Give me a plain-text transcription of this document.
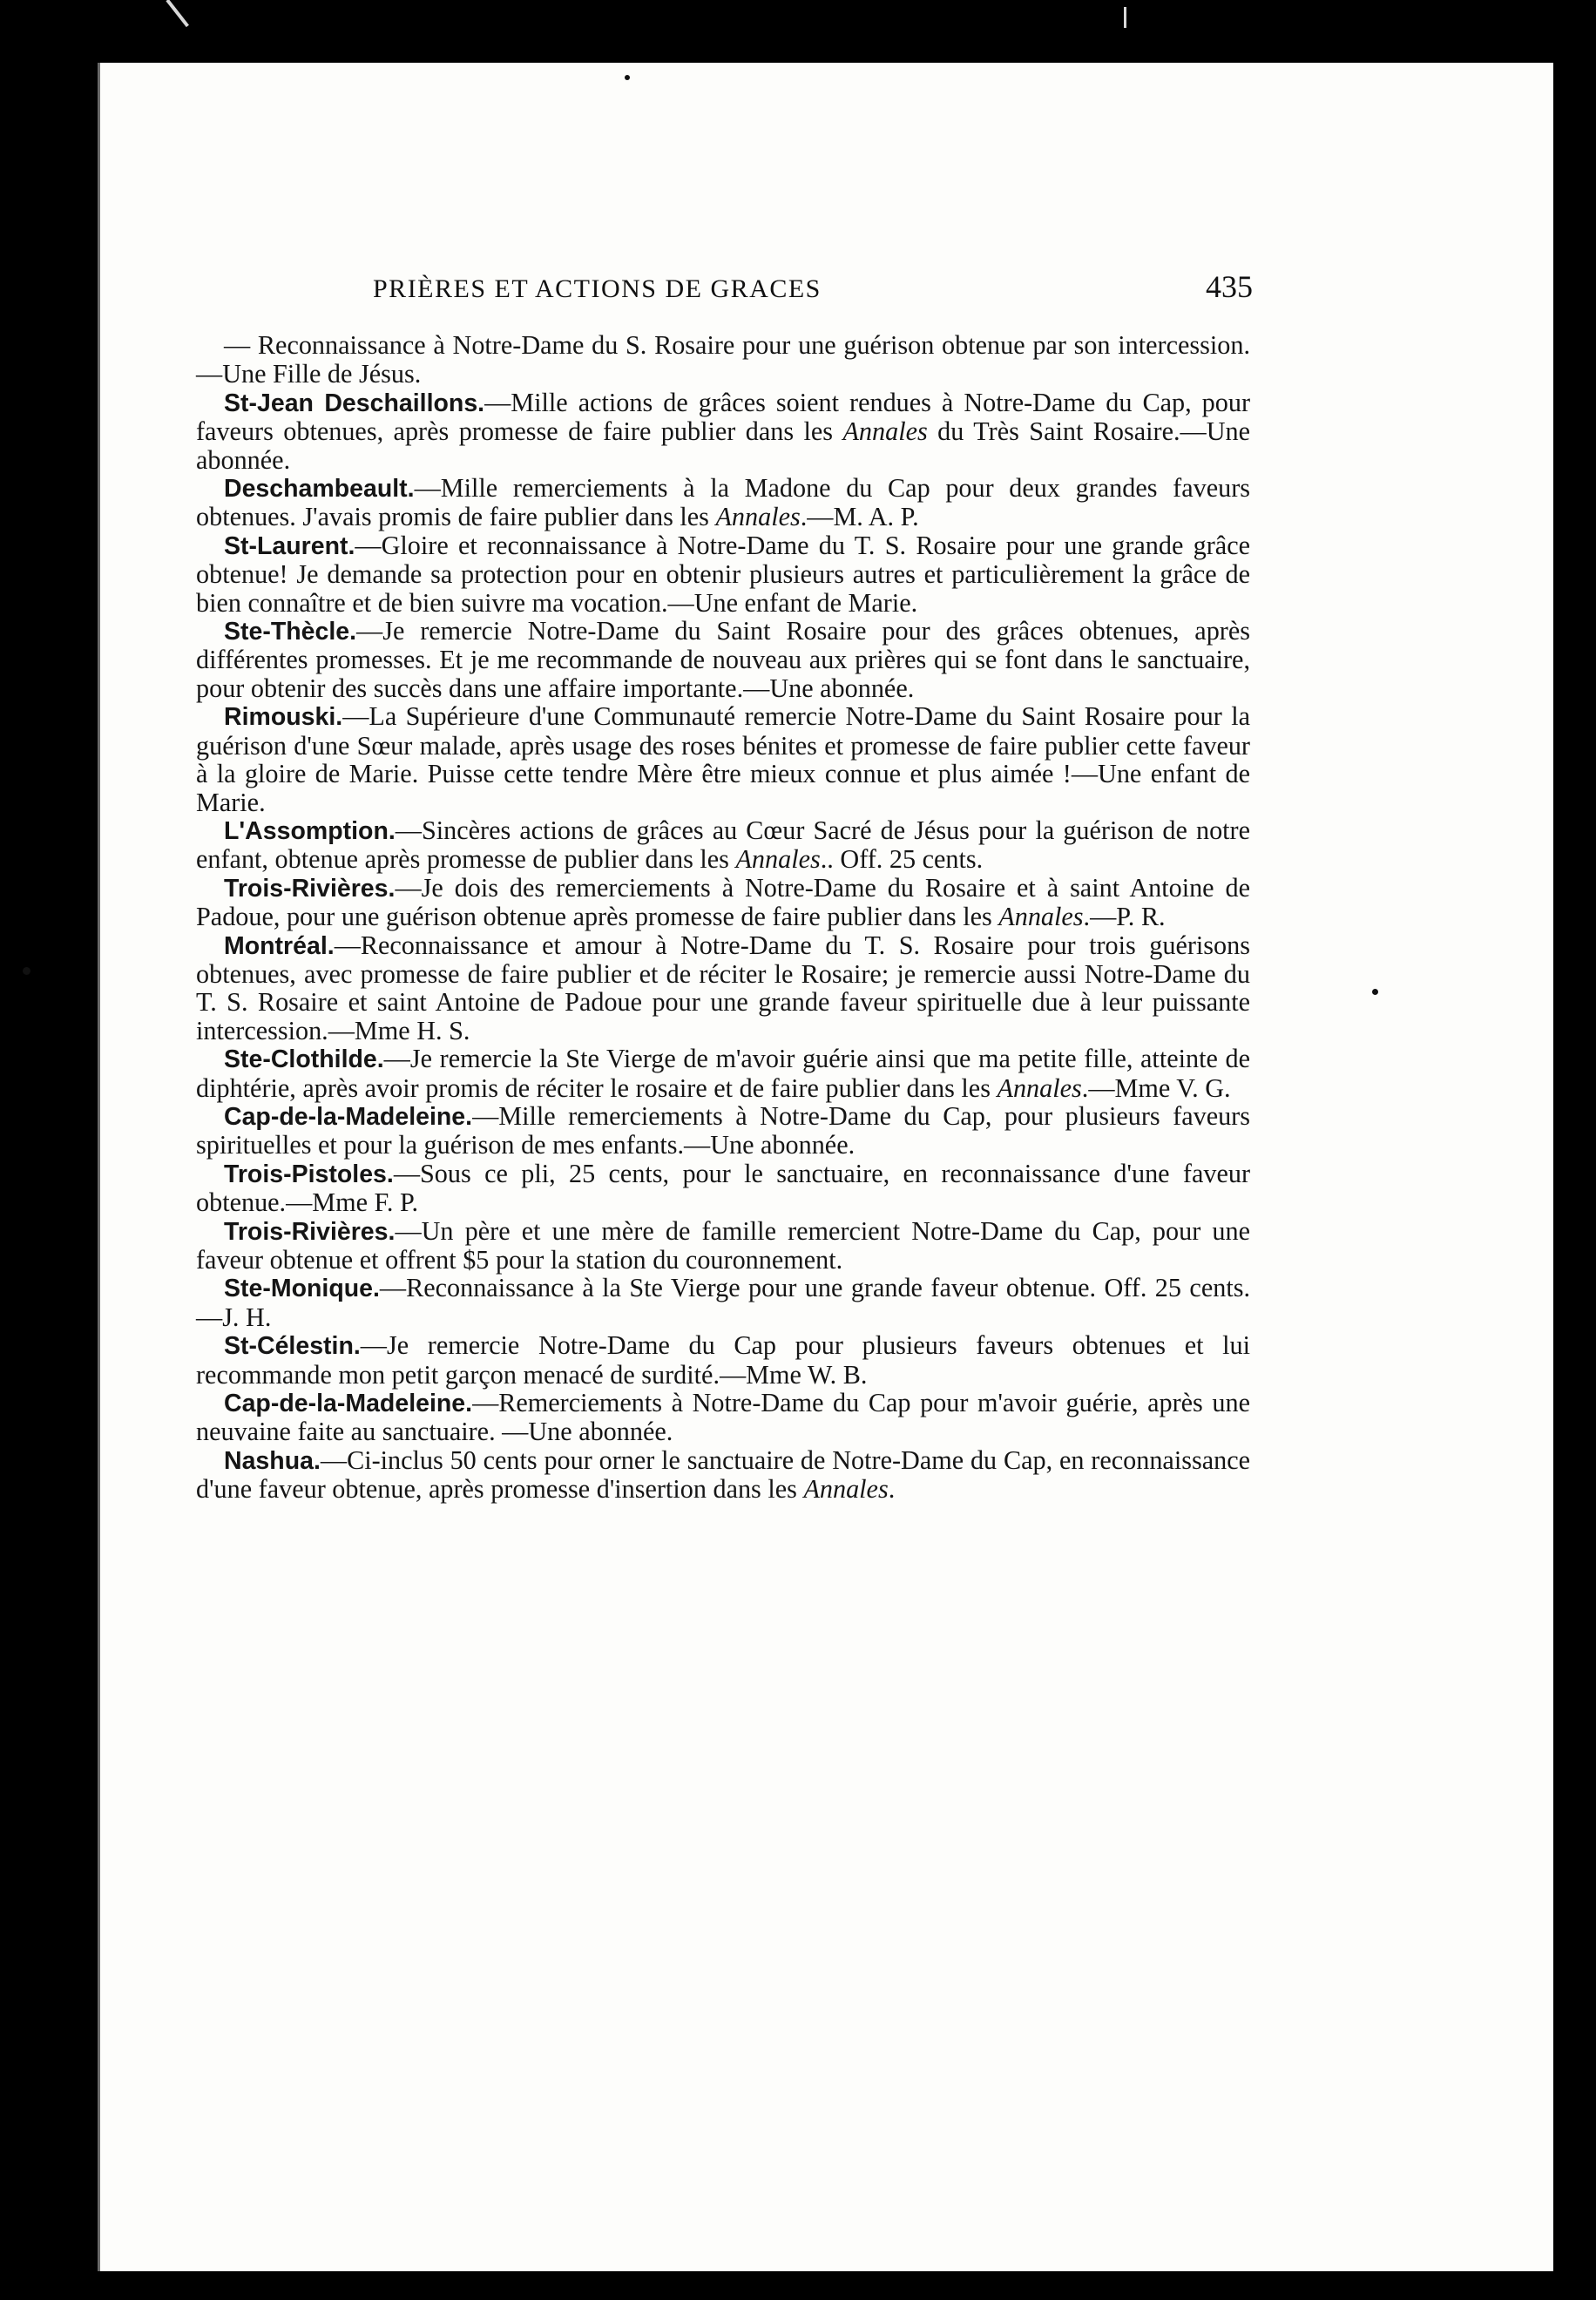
PRIÈRES ET ACTIONS DE GRACES	435

— Reconnaissance à Notre-Dame du S. Rosaire pour une guérison obtenue par son intercession.—Une Fille de Jésus.

St-Jean Deschaillons.—Mille actions de grâces soient rendues à Notre-Dame du Cap, pour faveurs obtenues, après promesse de faire publier dans les Annales du Très Saint Rosaire.—Une abonnée.

Deschambeault.—Mille remerciements à la Madone du Cap pour deux grandes faveurs obtenues. J'avais promis de faire publier dans les Annales.—M. A. P.

St-Laurent.—Gloire et reconnaissance à Notre-Dame du T. S. Rosaire pour une grande grâce obtenue! Je demande sa protection pour en obtenir plusieurs autres et particulièrement la grâce de bien connaître et de bien suivre ma vocation.—Une enfant de Marie.

Ste-Thècle.—Je remercie Notre-Dame du Saint Rosaire pour des grâces obtenues, après différentes promesses. Et je me recommande de nouveau aux prières qui se font dans le sanctuaire, pour obtenir des succès dans une affaire importante.—Une abonnée.

Rimouski.—La Supérieure d'une Communauté remercie Notre-Dame du Saint Rosaire pour la guérison d'une Sœur malade, après usage des roses bénites et promesse de faire publier cette faveur à la gloire de Marie. Puisse cette tendre Mère être mieux connue et plus aimée !—Une enfant de Marie.

L'Assomption.—Sincères actions de grâces au Cœur Sacré de Jésus pour la guérison de notre enfant, obtenue après promesse de publier dans les Annales.. Off. 25 cents.

Trois-Rivières.—Je dois des remerciements à Notre-Dame du Rosaire et à saint Antoine de Padoue, pour une guérison obtenue après promesse de faire publier dans les Annales.—P. R.

Montréal.—Reconnaissance et amour à Notre-Dame du T. S. Rosaire pour trois guérisons obtenues, avec promesse de faire publier et de réciter le Rosaire; je remercie aussi Notre-Dame du T. S. Rosaire et saint Antoine de Padoue pour une grande faveur spirituelle due à leur puissante intercession.—Mme H. S.

Ste-Clothilde.—Je remercie la Ste Vierge de m'avoir guérie ainsi que ma petite fille, atteinte de diphtérie, après avoir promis de réciter le rosaire et de faire publier dans les Annales.—Mme V. G.

Cap-de-la-Madeleine.—Mille remerciements à Notre-Dame du Cap, pour plusieurs faveurs spirituelles et pour la guérison de mes enfants.—Une abonnée.

Trois-Pistoles.—Sous ce pli, 25 cents, pour le sanctuaire, en reconnaissance d'une faveur obtenue.—Mme F. P.

Trois-Rivières.—Un père et une mère de famille remercient Notre-Dame du Cap, pour une faveur obtenue et offrent $5 pour la station du couronnement.

Ste-Monique.—Reconnaissance à la Ste Vierge pour une grande faveur obtenue. Off. 25 cents.—J. H.

St-Célestin.—Je remercie Notre-Dame du Cap pour plusieurs faveurs obtenues et lui recommande mon petit garçon menacé de surdité.—Mme W. B.

Cap-de-la-Madeleine.—Remerciements à Notre-Dame du Cap pour m'avoir guérie, après une neuvaine faite au sanctuaire. —Une abonnée.

Nashua.—Ci-inclus 50 cents pour orner le sanctuaire de Notre-Dame du Cap, en reconnaissance d'une faveur obtenue, après promesse d'insertion dans les Annales.
